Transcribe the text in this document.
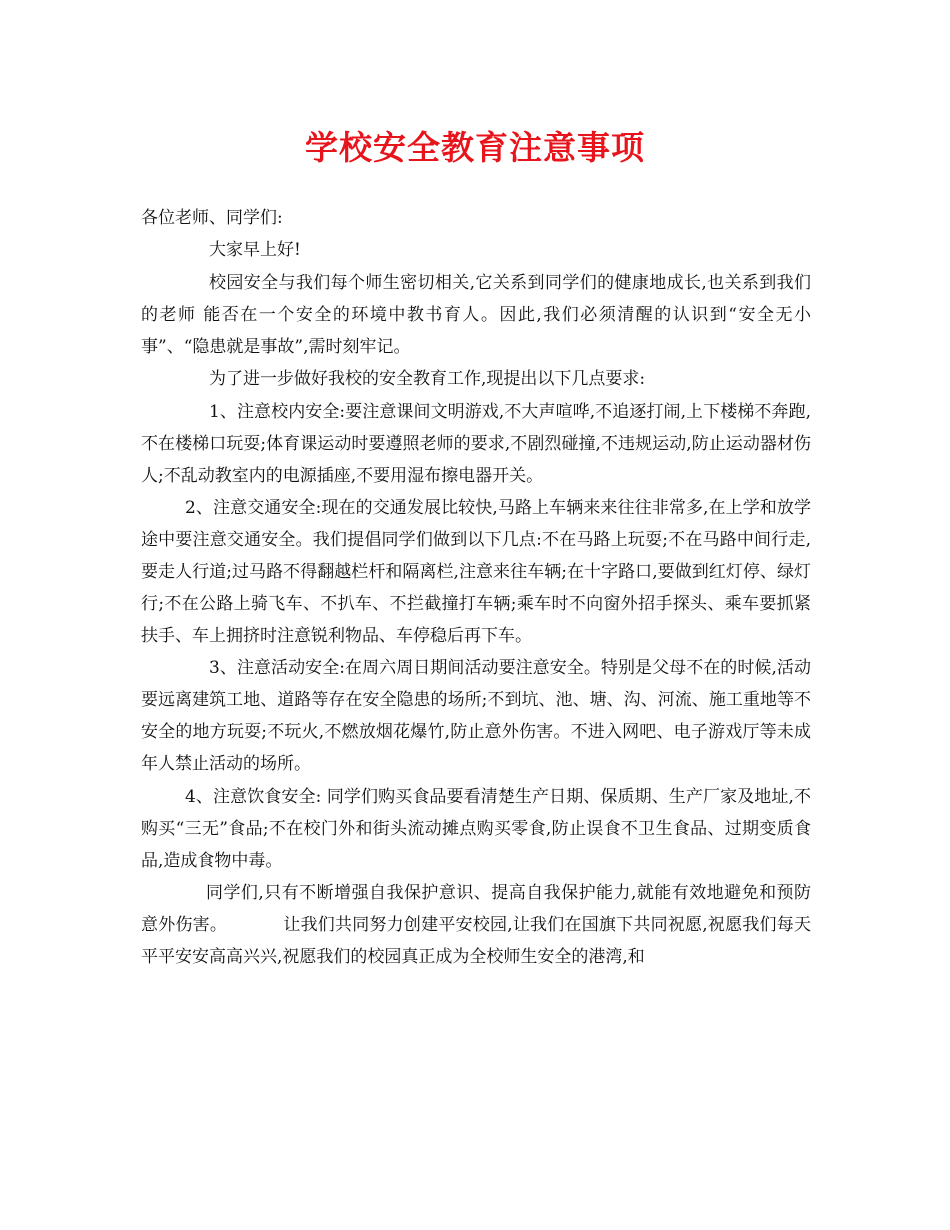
学校安全教育注意事项

各位老师、同学们:

大家早上好!

校园安全与我们每个师生密切相关,它关系到同学们的健康地成长,也关系到我们的老师 能否在一个安全的环境中教书育人。因此,我们必须清醒的认识到“安全无小事”、“隐患就是事故”,需时刻牢记。

为了进一步做好我校的安全教育工作,现提出以下几点要求:

1、注意校内安全:要注意课间文明游戏,不大声喧哗,不追逐打闹,上下楼梯不奔跑,不在楼梯口玩耍;体育课运动时要遵照老师的要求,不剧烈碰撞,不违规运动,防止运动器材伤人;不乱动教室内的电源插座,不要用湿布擦电器开关。

2、注意交通安全:现在的交通发展比较快,马路上车辆来来往往非常多,在上学和放学途中要注意交通安全。我们提倡同学们做到以下几点:不在马路上玩耍;不在马路中间行走,要走人行道;过马路不得翻越栏杆和隔离栏,注意来往车辆;在十字路口,要做到红灯停、绿灯行;不在公路上骑飞车、不扒车、不拦截撞打车辆;乘车时不向窗外招手探头、乘车要抓紧扶手、车上拥挤时注意锐利物品、车停稳后再下车。

3、注意活动安全:在周六周日期间活动要注意安全。特别是父母不在的时候,活动要远离建筑工地、道路等存在安全隐患的场所;不到坑、池、塘、沟、河流、施工重地等不安全的地方玩耍;不玩火,不燃放烟花爆竹,防止意外伤害。不进入网吧、电子游戏厅等未成年人禁止活动的场所。

4、注意饮食安全: 同学们购买食品要看清楚生产日期、保质期、生产厂家及地址,不购买“三无”食品;不在校门外和街头流动摊点购买零食,防止误食不卫生食品、过期变质食品,造成食物中毒。

同学们,只有不断增强自我保护意识、提高自我保护能力,就能有效地避免和预防意外伤害。          让我们共同努力创建平安校园,让我们在国旗下共同祝愿,祝愿我们每天平平安安高高兴兴,祝愿我们的校园真正成为全校师生安全的港湾,和
